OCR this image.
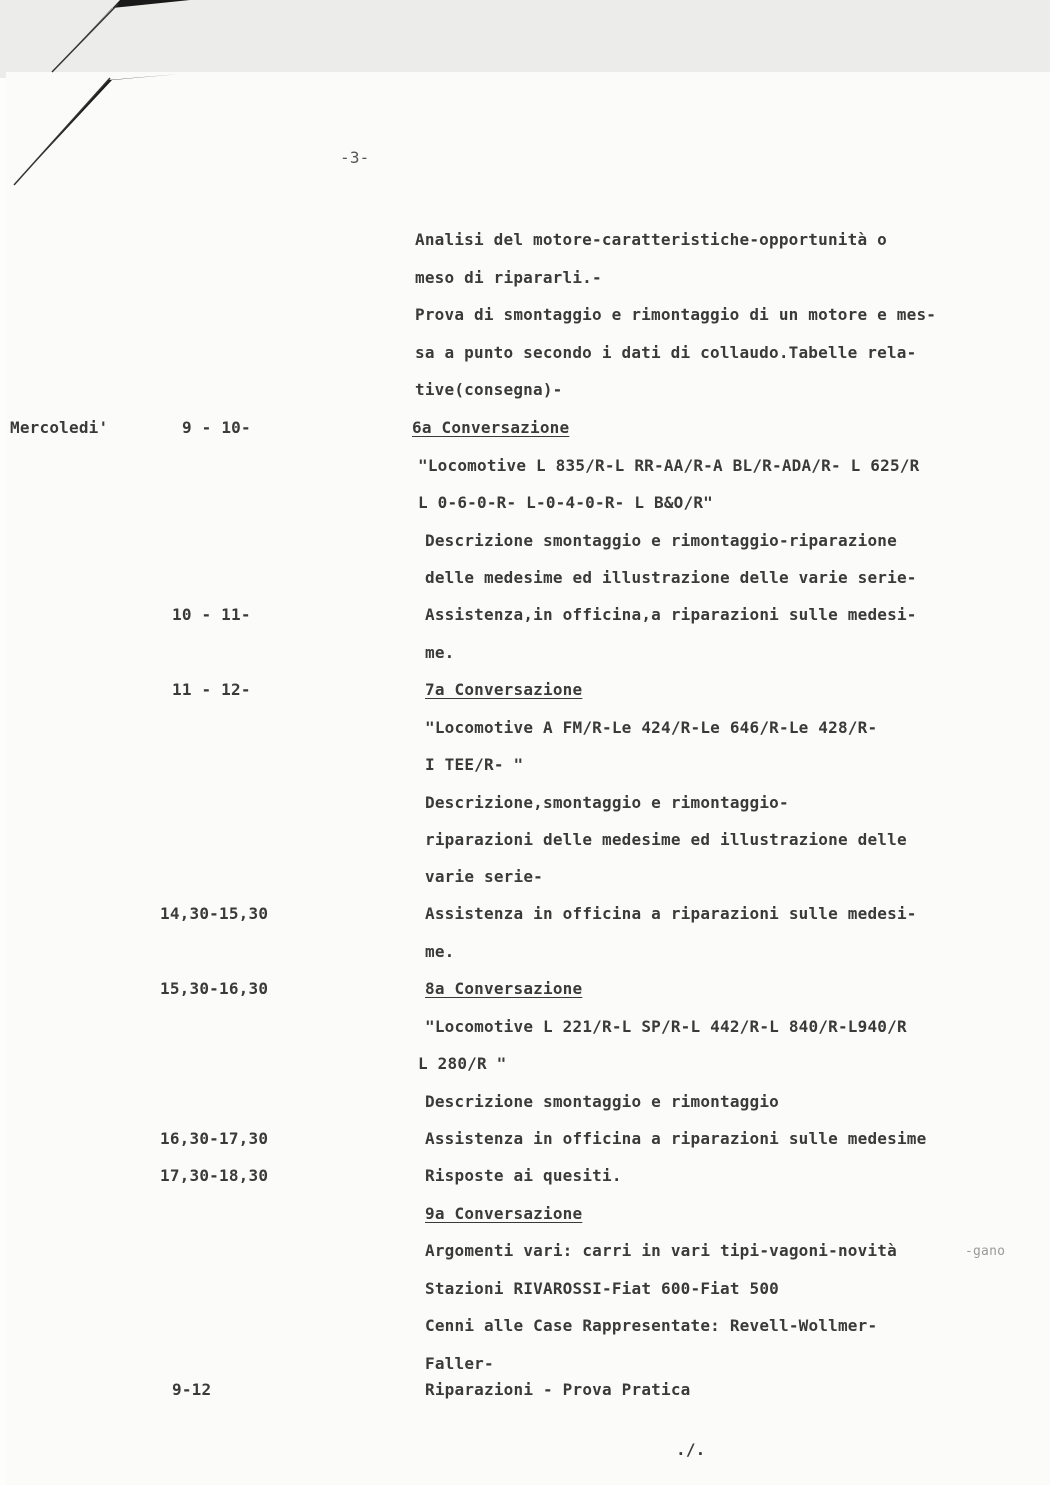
-3-
Analisi del motore-caratteristiche-opportunità o
meso di ripararli.-
Prova di smontaggio e rimontaggio di un motore e mes-
sa a punto secondo i dati di collaudo.Tabelle rela-
tive(consegna)-
Mercoledi'	9 - 10-	6a Conversazione
"Locomotive L 835/R-L RR-AA/R-A BL/R-ADA/R- L 625/R
L 0-6-0-R- L-0-4-0-R- L B&O/R"
Descrizione smontaggio e rimontaggio-riparazione
delle medesime ed illustrazione delle varie serie-
10 - 11-	Assistenza,in officina,a riparazioni sulle medesi-
me.
11 - 12-	7a Conversazione
"Locomotive A FM/R-Le 424/R-Le 646/R-Le 428/R-
I TEE/R- "
Descrizione,smontaggio e rimontaggio-
riparazioni delle medesime ed illustrazione delle
varie serie-
14,30-15,30	Assistenza in officina a riparazioni sulle medesi-
me.
15,30-16,30	8a Conversazione
"Locomotive L 221/R-L SP/R-L 442/R-L 840/R-L940/R
L 280/R "
Descrizione smontaggio e rimontaggio
16,30-17,30	Assistenza in officina a riparazioni sulle medesime
17,30-18,30	Risposte ai quesiti.
9a Conversazione
Argomenti vari: carri in vari tipi-vagoni-novità	-gano
Stazioni RIVAROSSI-Fiat 600-Fiat 500
Cenni alle Case Rappresentate: Revell-Wollmer-
Faller-
9-12	Riparazioni - Prova Pratica
./.
